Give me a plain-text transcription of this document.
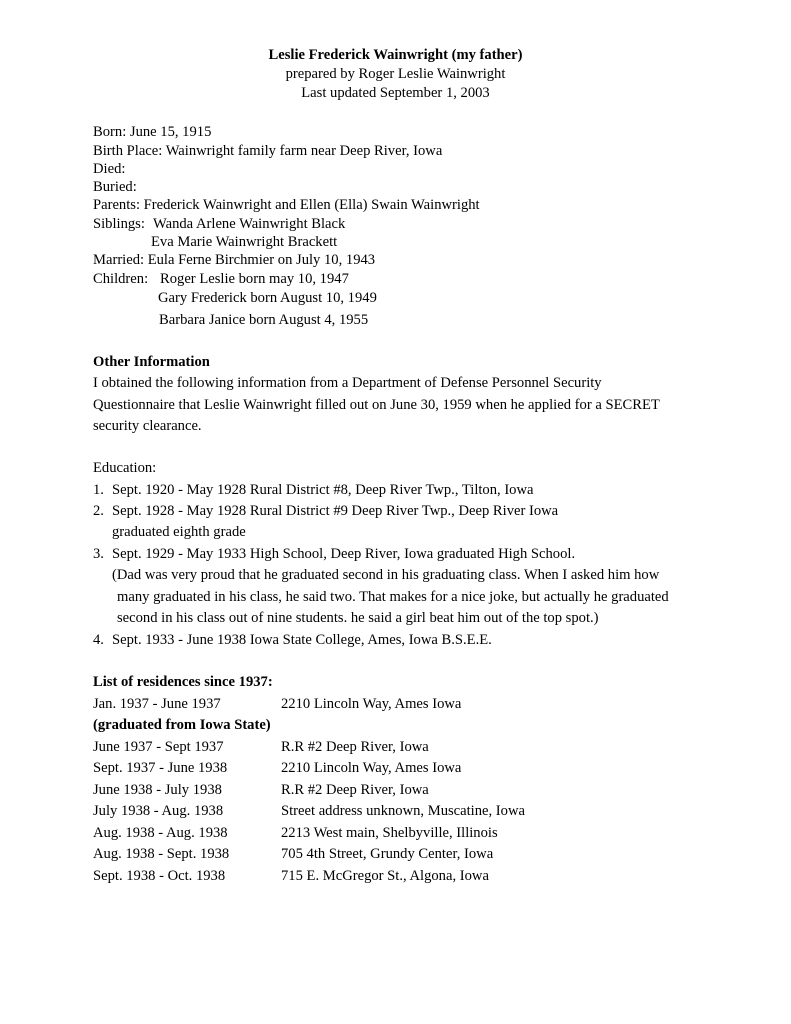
Leslie Frederick Wainwright (my father)
prepared by Roger Leslie Wainwright
Last updated September 1, 2003
Born: June 15, 1915
Birth Place: Wainwright family farm near Deep River, Iowa
Died:
Buried:
Parents: Frederick Wainwright and Ellen (Ella) Swain Wainwright
Siblings: Wanda Arlene Wainwright Black
Eva Marie Wainwright Brackett
Married: Eula Ferne Birchmier on July 10, 1943
Children: Roger Leslie born may 10, 1947
Gary Frederick born August 10, 1949
Barbara Janice born August 4, 1955
Other Information
I obtained the following information from a Department of Defense Personnel Security
Questionnaire that Leslie Wainwright filled out on June 30, 1959 when he applied for a SECRET
security clearance.
Education:
1. Sept. 1920 - May 1928 Rural District #8, Deep River Twp., Tilton, Iowa
2. Sept. 1928 - May 1928 Rural District #9 Deep River Twp., Deep River Iowa
graduated eighth grade
3. Sept. 1929 - May 1933 High School, Deep River, Iowa graduated High School.
(Dad was very proud that he graduated second in his graduating class. When I asked him how
many graduated in his class, he said two. That makes for a nice joke, but actually he graduated
second in his class out of nine students. he said a girl beat him out of the top spot.)
4. Sept. 1933 - June 1938 Iowa State College, Ames, Iowa B.S.E.E.
List of residences since 1937:
Jan. 1937 - June 1937	2210 Lincoln Way, Ames Iowa
(graduated from Iowa State)
June 1937 - Sept 1937	R.R #2 Deep River, Iowa
Sept. 1937 - June 1938	2210 Lincoln Way, Ames Iowa
June 1938 - July 1938	R.R #2 Deep River, Iowa
July 1938 - Aug. 1938	Street address unknown, Muscatine, Iowa
Aug. 1938 - Aug. 1938	2213 West main, Shelbyville, Illinois
Aug. 1938 - Sept. 1938	705 4th Street, Grundy Center, Iowa
Sept. 1938 - Oct. 1938	715 E. McGregor St., Algona, Iowa
